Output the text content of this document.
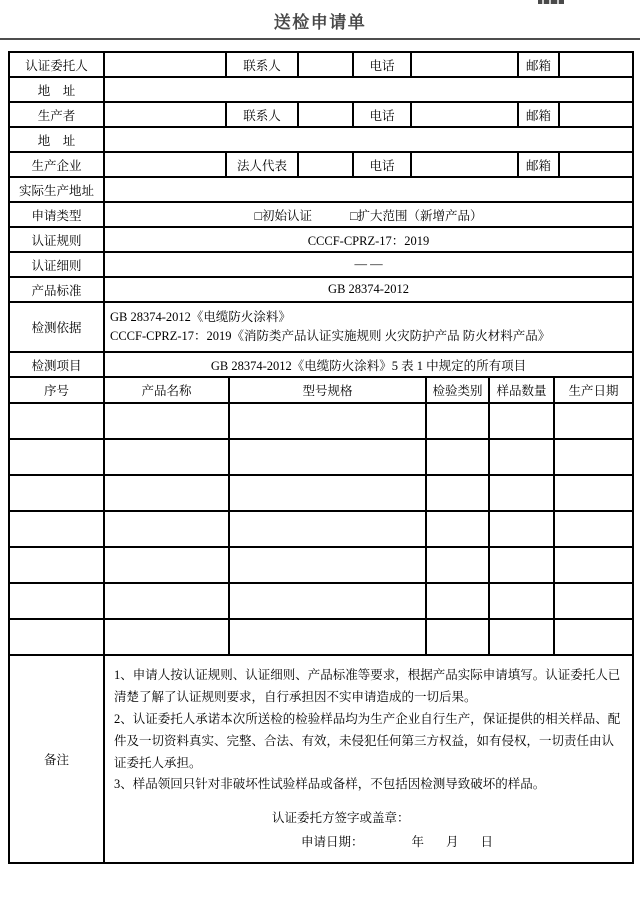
送检申请单
认证委托人		联系人		电话		邮箱	
地　址							
生产者		联系人		电话		邮箱	
地　址							
生产企业		法人代表		电话		邮箱	
实际生产地址							
申请类型	□初始认证 □扩大范围（新增产品）						

认证规则	CCCF-CPRZ-17：2019						
认证细则	— —						
产品标准	GB 28374-2012						
检测依据	GB 28374-2012《电缆防火涂料》
CCCF-CPRZ-17：2019《消防类产品认证实施规则 火灾防护产品 防火材料产品》						

检测项目	GB 28374-2012《电缆防火涂料》5 表 1 中规定的所有项目						
序号	产品名称	型号规格	检验类别	样品数量	生产日期

备注	
1、申请人按认证规则、认证细则、产品标准等要求，根据产品实际申请填写。认证委托人已清楚了解了认证规则要求，自行承担因不实申请造成的一切后果。
2、认证委托人承诺本次所送检的检验样品均为生产企业自行生产，保证提供的相关样品、配件及一切资料真实、完整、合法、有效，未侵犯任何第三方权益，如有侵权，一切责任由认证委托人承担。
3、样品领回只针对非破坏性试验样品或备样，不包括因检测导致破坏的样品。
认证委托方签字或盖章：
申请日期：	年 月 日
